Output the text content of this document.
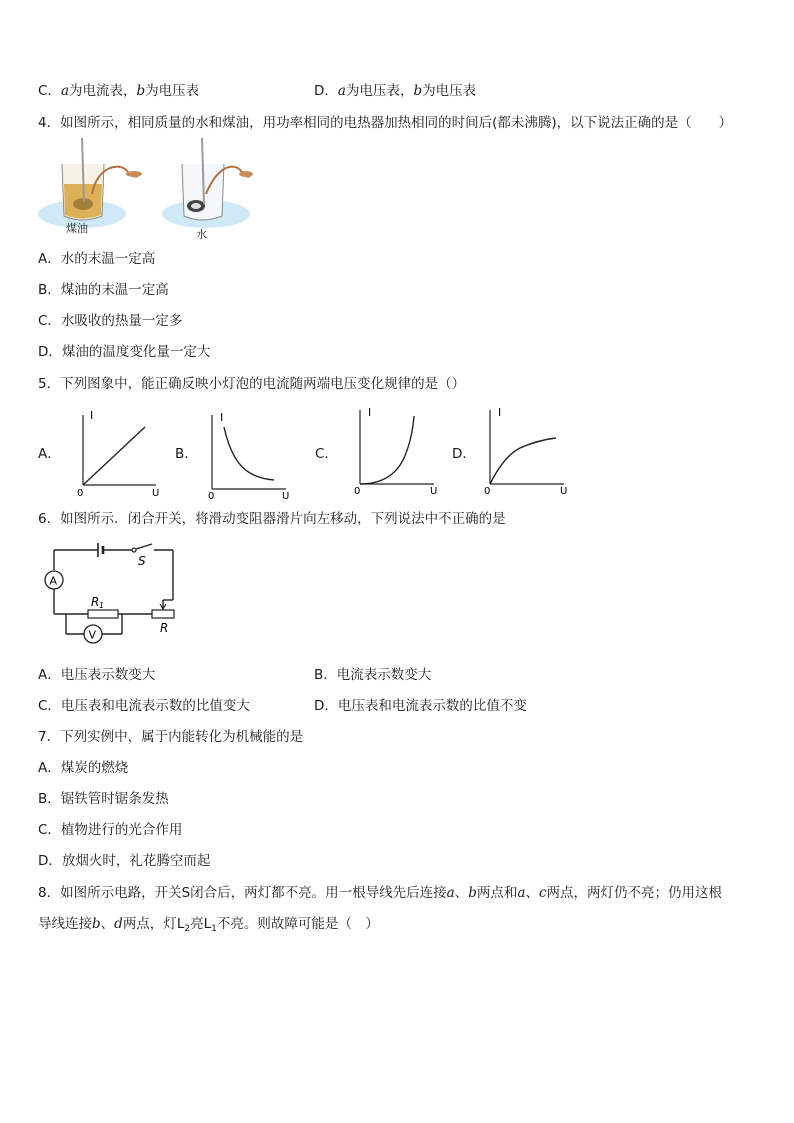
C．a为电流表，b为电压表	D．a为电压表，b为电压表
4．如图所示，相同质量的水和煤油，用功率相同的电热器加热相同的时间后(都未沸腾)，以下说法正确的是（　　）
煤油	水
A．水的末温一定高
B．煤油的末温一定高
C．水吸收的热量一定多
D．煤油的温度变化量一定大
5．下列图象中，能正确反映小灯泡的电流随两端电压变化规律的是（）
A．	B．	C．	D．
I
U
0
I
U
0
I
U
0
I
U
0
6．如图所示．闭合开关，将滑动变阻器滑片向左移动，下列说法中不正确的是
S
R
A
R 1
V
A．电压表示数变大	B．电流表示数变大
C．电压表和电流表示数的比值变大	D．电压表和电流表示数的比值不变
7．下列实例中，属于内能转化为机械能的是
A．煤炭的燃烧
B．锯铁管时锯条发热
C．植物进行的光合作用
D．放烟火时，礼花腾空而起
8．如图所示电路，开关S闭合后，两灯都不亮。用一根导线先后连接a、b两点和a、c两点，两灯仍不亮；仍用这根
导线连接b、d两点，灯$L_2$亮$L_1$不亮。则故障可能是（　）
